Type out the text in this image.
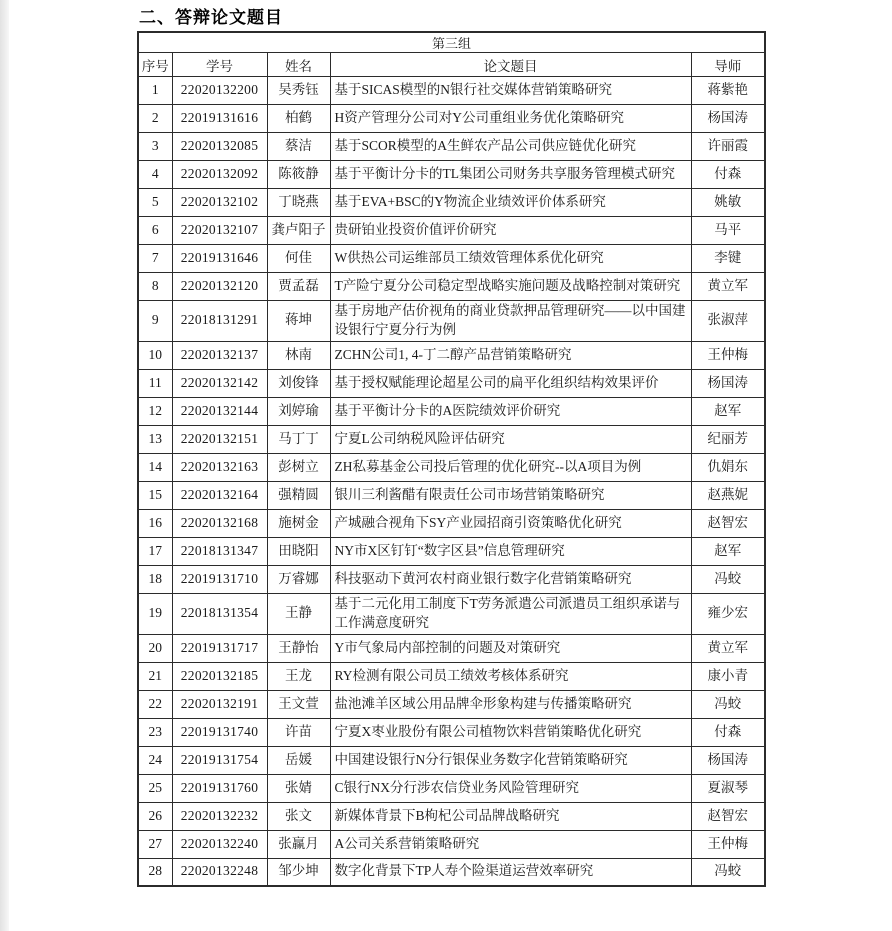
二、答辩论文题目
第三组				
序号	学号	姓名	论文题目	导师
1	22020132200	吴秀钰	基于SICAS模型的N银行社交媒体营销策略研究	蒋紫艳
2	22019131616	柏鹤	H资产管理分公司对Y公司重组业务优化策略研究	杨国涛
3	22020132085	蔡洁	基于SCOR模型的A生鲜农产品公司供应链优化研究	许丽霞
4	22020132092	陈筱静	基于平衡计分卡的TL集团公司财务共享服务管理模式研究	付森
5	22020132102	丁晓燕	基于EVA+BSC的Y物流企业绩效评价体系研究	姚敏
6	22020132107	龚卢阳子	贵研铂业投资价值评价研究	马平
7	22019131646	何佳	W供热公司运维部员工绩效管理体系优化研究	李键
8	22020132120	贾孟磊	T产险宁夏分公司稳定型战略实施问题及战略控制对策研究	黄立军
9	22018131291	蒋坤	基于房地产估价视角的商业贷款押品管理研究——以中国建设银行宁夏分行为例	张淑萍
10	22020132137	林南	ZCHN公司1, 4-丁二醇产品营销策略研究	王仲梅
11	22020132142	刘俊锋	基于授权赋能理论超星公司的扁平化组织结构效果评价	杨国涛
12	22020132144	刘婷瑜	基于平衡计分卡的A医院绩效评价研究	赵军
13	22020132151	马丁丁	宁夏L公司纳税风险评估研究	纪丽芳
14	22020132163	彭树立	ZH私募基金公司投后管理的优化研究--以A项目为例	仇娟东
15	22020132164	强精圆	银川三利酱醋有限责任公司市场营销策略研究	赵燕妮
16	22020132168	施树金	产城融合视角下SY产业园招商引资策略优化研究	赵智宏
17	22018131347	田晓阳	NY市X区钉钉“数字区县”信息管理研究	赵军
18	22019131710	万睿娜	科技驱动下黄河农村商业银行数字化营销策略研究	冯蛟
19	22018131354	王静	基于二元化用工制度下T劳务派遣公司派遣员工组织承诺与工作满意度研究	雍少宏
20	22019131717	王静怡	Y市气象局内部控制的问题及对策研究	黄立军
21	22020132185	王龙	RY检测有限公司员工绩效考核体系研究	康小青
22	22020132191	王文萱	盐池滩羊区域公用品牌伞形象构建与传播策略研究	冯蛟
23	22019131740	许苗	宁夏X枣业股份有限公司植物饮料营销策略优化研究	付森
24	22019131754	岳媛	中国建设银行N分行银保业务数字化营销策略研究	杨国涛
25	22019131760	张婧	C银行NX分行涉农信贷业务风险管理研究	夏淑琴
26	22020132232	张文	新媒体背景下B枸杞公司品牌战略研究	赵智宏
27	22020132240	张赢月	A公司关系营销策略研究	王仲梅
28	22020132248	邹少坤	数字化背景下TP人寿个险渠道运营效率研究	冯蛟
